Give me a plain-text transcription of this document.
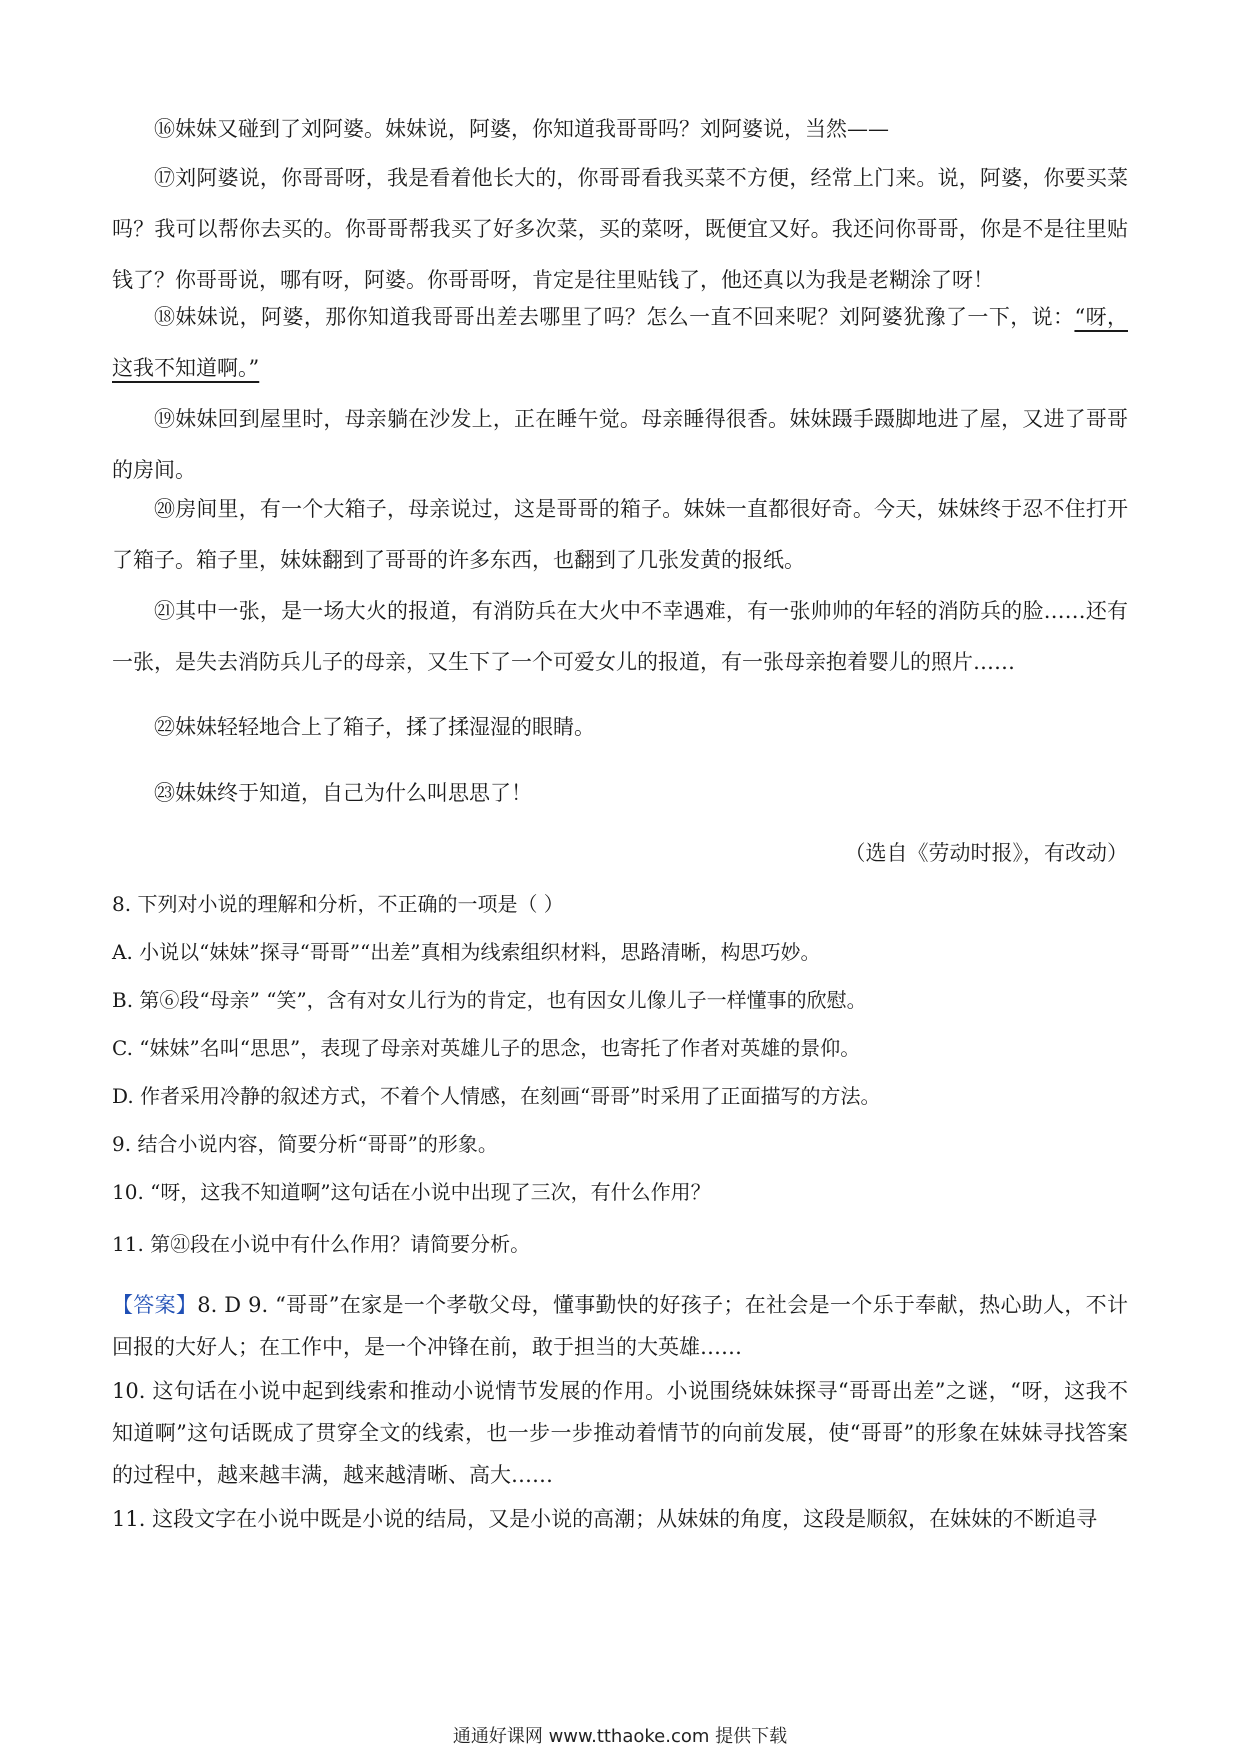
⑯妹妹又碰到了刘阿婆。妹妹说，阿婆，你知道我哥哥吗？刘阿婆说，当然——

⑰刘阿婆说，你哥哥呀，我是看着他长大的，你哥哥看我买菜不方便，经常上门来。说，阿婆，你要买菜吗？我可以帮你去买的。你哥哥帮我买了好多次菜，买的菜呀，既便宜又好。我还问你哥哥，你是不是往里贴钱了？你哥哥说，哪有呀，阿婆。你哥哥呀，肯定是往里贴钱了，他还真以为我是老糊涂了呀！

⑱妹妹说，阿婆，那你知道我哥哥出差去哪里了吗？怎么一直不回来呢？刘阿婆犹豫了一下，说：“呀，这我不知道啊。”

⑲妹妹回到屋里时，母亲躺在沙发上，正在睡午觉。母亲睡得很香。妹妹蹑手蹑脚地进了屋，又进了哥哥的房间。

⑳房间里，有一个大箱子，母亲说过，这是哥哥的箱子。妹妹一直都很好奇。今天，妹妹终于忍不住打开了箱子。箱子里，妹妹翻到了哥哥的许多东西，也翻到了几张发黄的报纸。

㉑其中一张，是一场大火的报道，有消防兵在大火中不幸遇难，有一张帅帅的年轻的消防兵的脸……还有一张，是失去消防兵儿子的母亲，又生下了一个可爱女儿的报道，有一张母亲抱着婴儿的照片……

㉒妹妹轻轻地合上了箱子，揉了揉湿湿的眼睛。

㉓妹妹终于知道，自己为什么叫思思了！

（选自《劳动时报》，有改动）

8. 下列对小说的理解和分析，不正确的一项是（ ）

A. 小说以“妹妹”探寻“哥哥”“出差”真相为线索组织材料，思路清晰，构思巧妙。

B. 第⑥段“母亲” “笑”，含有对女儿行为的肯定，也有因女儿像儿子一样懂事的欣慰。

C. “妹妹”名叫“思思”，表现了母亲对英雄儿子的思念，也寄托了作者对英雄的景仰。

D. 作者采用冷静的叙述方式，不着个人情感，在刻画“哥哥”时采用了正面描写的方法。

9. 结合小说内容，简要分析“哥哥”的形象。

10. “呀，这我不知道啊”这句话在小说中出现了三次，有什么作用？

11. 第㉑段在小说中有什么作用？请简要分析。

【答案】8. D 9. “哥哥”在家是一个孝敬父母，懂事勤快的好孩子；在社会是一个乐于奉献，热心助人，不计回报的大好人；在工作中，是一个冲锋在前，敢于担当的大英雄……

10. 这句话在小说中起到线索和推动小说情节发展的作用。小说围绕妹妹探寻“哥哥出差”之谜，“呀，这我不知道啊”这句话既成了贯穿全文的线索，也一步一步推动着情节的向前发展，使“哥哥”的形象在妹妹寻找答案的过程中，越来越丰满，越来越清晰、高大……

11. 这段文字在小说中既是小说的结局，又是小说的高潮；从妹妹的角度，这段是顺叙，在妹妹的不断追寻

通通好课网 www.tthaoke.com 提供下载
